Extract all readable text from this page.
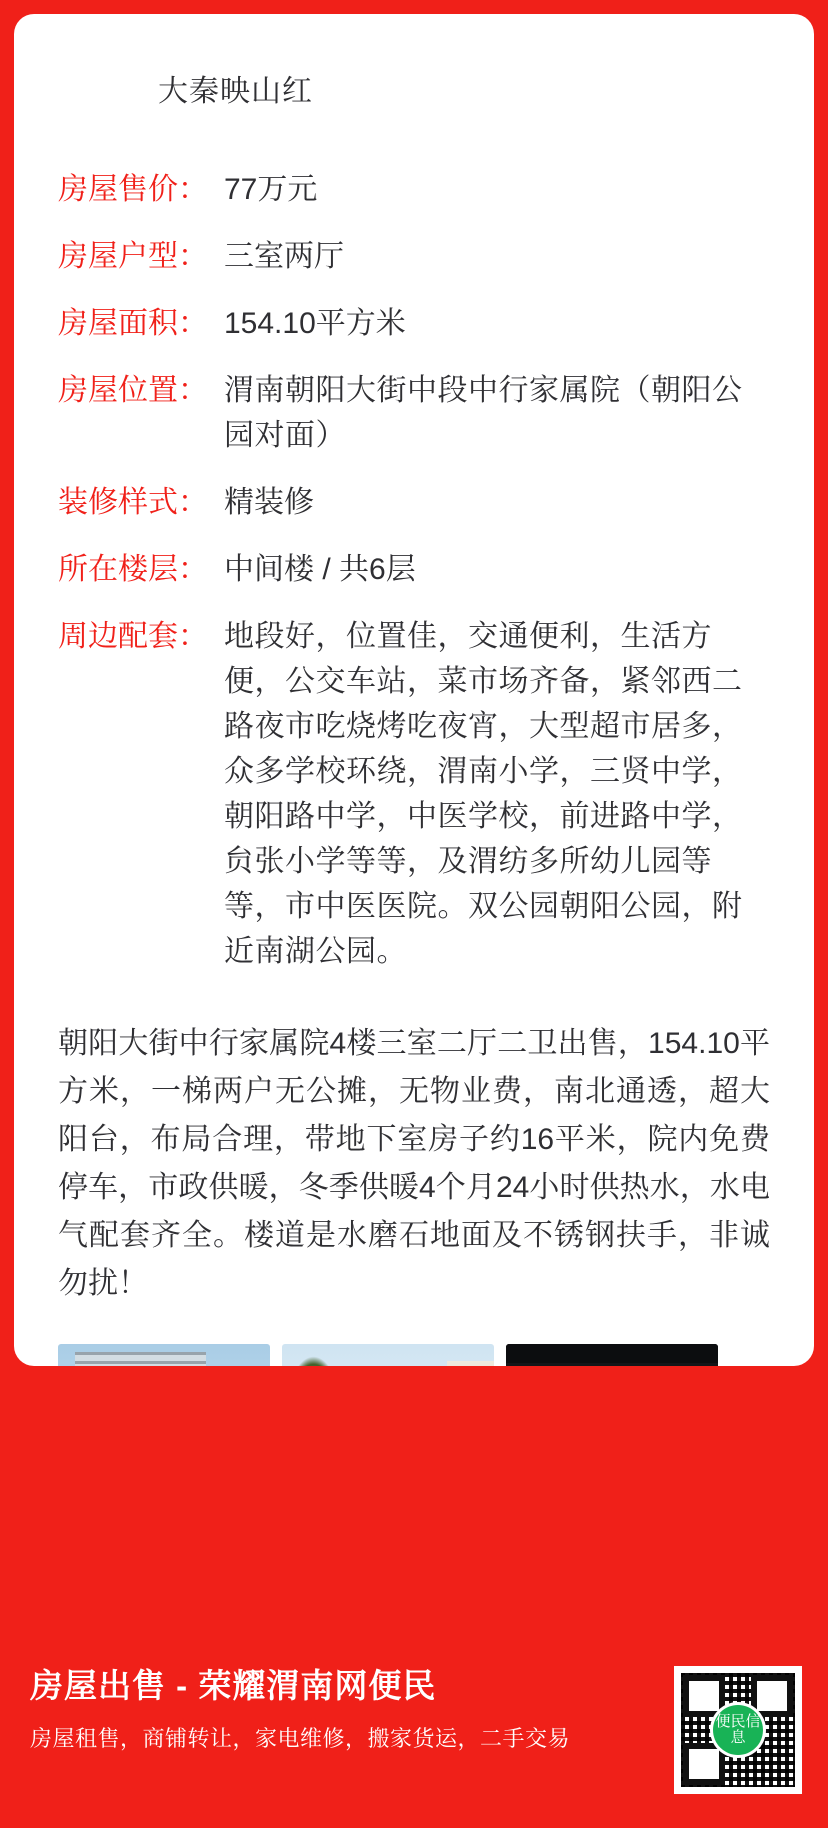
大秦映山红
房屋售价： 77万元
房屋户型： 三室两厅
房屋面积： 154.10平方米
房屋位置： 渭南朝阳大街中段中行家属院（朝阳公园对面）
装修样式： 精装修
所在楼层： 中间楼 / 共6层
周边配套： 地段好，位置佳，交通便利，生活方便，公交车站，菜市场齐备，紧邻西二路夜市吃烧烤吃夜宵，大型超市居多，众多学校环绕，渭南小学，三贤中学，朝阳路中学，中医学校，前进路中学，贠张小学等等，及渭纺多所幼儿园等等，市中医医院。双公园朝阳公园，附近南湖公园。
朝阳大街中行家属院4楼三室二厅二卫出售，154.10平方米，一梯两户无公摊，无物业费，南北通透，超大阳台，布局合理，带地下室房子约16平米，院内免费停车，市政供暖，冬季供暖4个月24小时供热水，水电气配套齐全。楼道是水磨石地面及不锈钢扶手，非诚勿扰！
房屋出售 - 荣耀渭南网便民
房屋租售，商铺转让，家电维修，搬家货运，二手交易
便民信息
